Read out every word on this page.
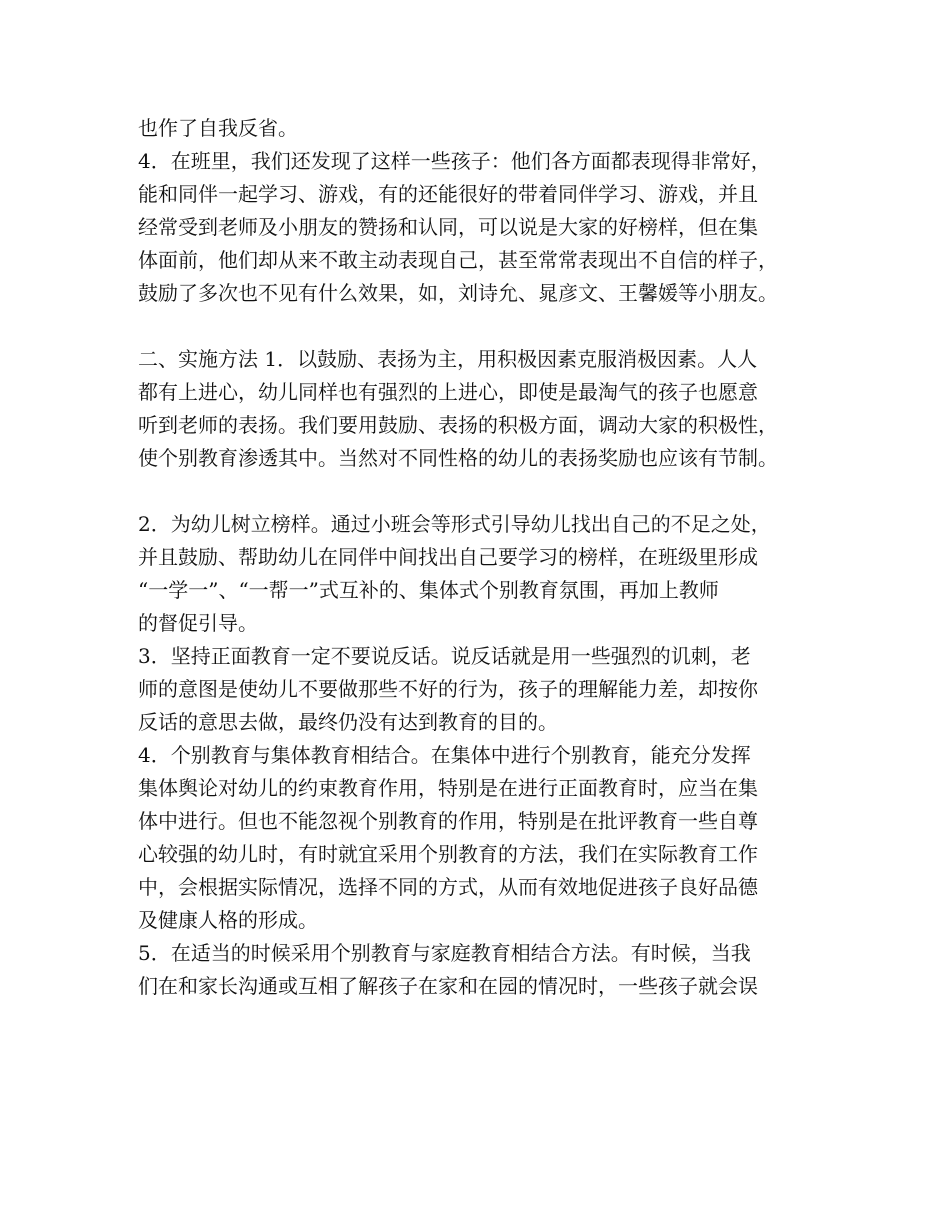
也作了自我反省。
4．在班里，我们还发现了这样一些孩子：他们各方面都表现得非常好，
能和同伴一起学习、游戏，有的还能很好的带着同伴学习、游戏，并且
经常受到老师及小朋友的赞扬和认同，可以说是大家的好榜样，但在集
体面前，他们却从来不敢主动表现自己，甚至常常表现出不自信的样子，
鼓励了多次也不见有什么效果，如，刘诗允、晁彦文、王馨媛等小朋友。
二、实施方法 1．以鼓励、表扬为主，用积极因素克服消极因素。人人
都有上进心，幼儿同样也有强烈的上进心，即使是最淘气的孩子也愿意
听到老师的表扬。我们要用鼓励、表扬的积极方面，调动大家的积极性，
使个别教育渗透其中。当然对不同性格的幼儿的表扬奖励也应该有节制。
2．为幼儿树立榜样。通过小班会等形式引导幼儿找出自己的不足之处，
并且鼓励、帮助幼儿在同伴中间找出自己要学习的榜样，在班级里形成
“一学一”、“一帮一”式互补的、集体式个别教育氛围，再加上教师
的督促引导。
3．坚持正面教育一定不要说反话。说反话就是用一些强烈的讥刺，老
师的意图是使幼儿不要做那些不好的行为，孩子的理解能力差，却按你
反话的意思去做，最终仍没有达到教育的目的。
4．个别教育与集体教育相结合。在集体中进行个别教育，能充分发挥
集体舆论对幼儿的约束教育作用，特别是在进行正面教育时，应当在集
体中进行。但也不能忽视个别教育的作用，特别是在批评教育一些自尊
心较强的幼儿时，有时就宜采用个别教育的方法，我们在实际教育工作
中，会根据实际情况，选择不同的方式，从而有效地促进孩子良好品德
及健康人格的形成。
5．在适当的时候采用个别教育与家庭教育相结合方法。有时候，当我
们在和家长沟通或互相了解孩子在家和在园的情况时，一些孩子就会误
